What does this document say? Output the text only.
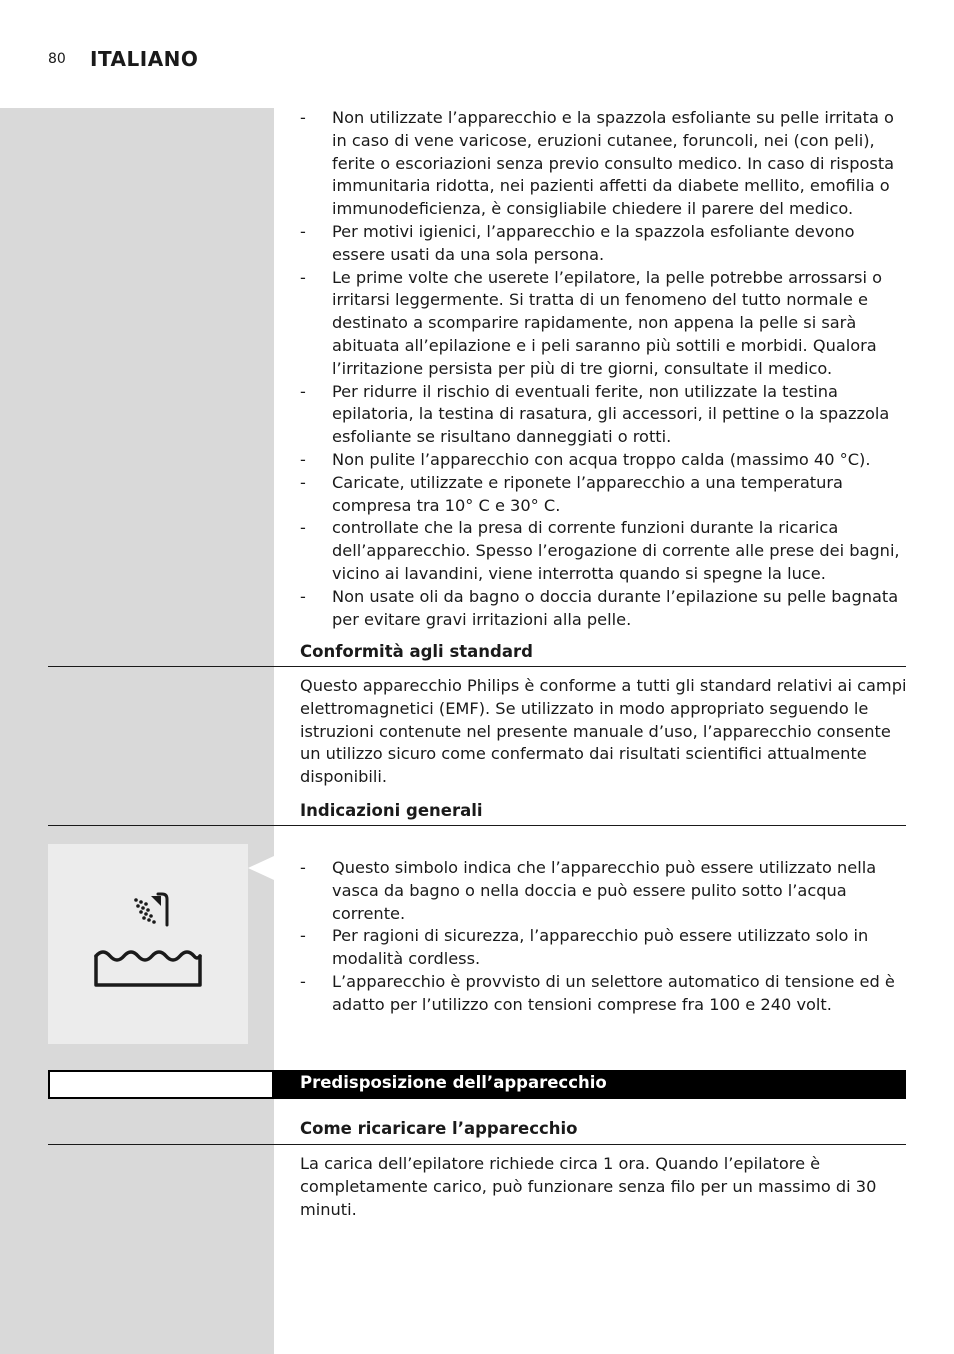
80 ITALIANO
- Non utilizzate l’apparecchio e la spazzola esfoliante su pelle irritata o in caso di vene varicose, eruzioni cutanee, foruncoli, nei (con peli), ferite o escoriazioni senza previo consulto medico. In caso di risposta immunitaria ridotta, nei pazienti affetti da diabete mellito, emofilia o immunodeficienza, è consigliabile chiedere il parere del medico.
- Per motivi igienici, l’apparecchio e la spazzola esfoliante devono essere usati da una sola persona.
- Le prime volte che userete l’epilatore, la pelle potrebbe arrossarsi o irritarsi leggermente. Si tratta di un fenomeno del tutto normale e destinato a scomparire rapidamente, non appena la pelle si sarà abituata all’epilazione e i peli saranno più sottili e morbidi. Qualora l’irritazione persista per più di tre giorni, consultate il medico.
- Per ridurre il rischio di eventuali ferite, non utilizzate la testina epilatoria, la testina di rasatura, gli accessori, il pettine o la spazzola esfoliante se risultano danneggiati o rotti.
- Non pulite l’apparecchio con acqua troppo calda (massimo 40 °C).
- Caricate, utilizzate e riponete l’apparecchio a una temperatura compresa tra 10° C e 30° C.
- controllate che la presa di corrente funzioni durante la ricarica dell’apparecchio. Spesso l’erogazione di corrente alle prese dei bagni, vicino ai lavandini, viene interrotta quando si spegne la luce.
- Non usate oli da bagno o doccia durante l’epilazione su pelle bagnata per evitare gravi irritazioni alla pelle.
Conformità agli standard

Questo apparecchio Philips è conforme a tutti gli standard relativi ai campi elettromagnetici (EMF). Se utilizzato in modo appropriato seguendo le istruzioni contenute nel presente manuale d’uso, l’apparecchio consente un utilizzo sicuro come confermato dai risultati scientifici attualmente disponibili.

Indicazioni generali
- Questo simbolo indica che l’apparecchio può essere utilizzato nella vasca da bagno o nella doccia e può essere pulito sotto l’acqua corrente.
- Per ragioni di sicurezza, l’apparecchio può essere utilizzato solo in modalità cordless.
- L’apparecchio è provvisto di un selettore automatico di tensione ed è adatto per l’utilizzo con tensioni comprese fra 100 e 240 volt.
Predisposizione dell’apparecchio
Come ricaricare l’apparecchio

La carica dell’epilatore richiede circa 1 ora. Quando l’epilatore è completamente carico, può funzionare senza filo per un massimo di 30 minuti.
